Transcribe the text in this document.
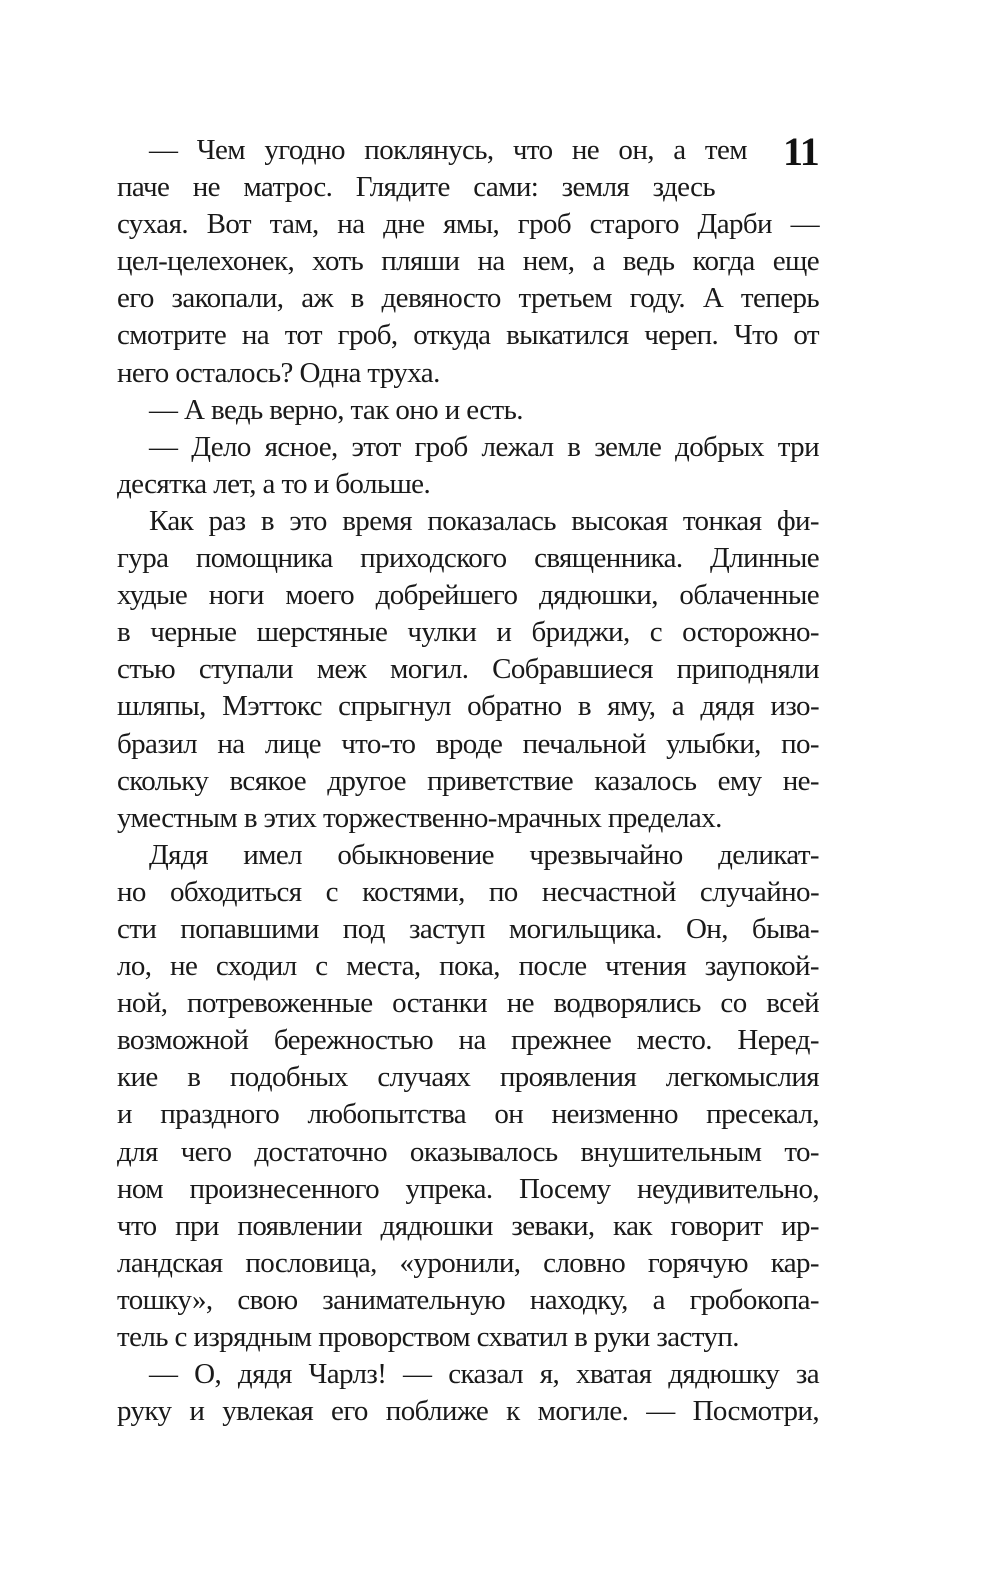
11
— Чем угодно поклянусь, что не он, а тем
паче не матрос. Глядите сами: земля здесь
сухая. Вот там, на дне ямы, гроб старого Дарби —
цел-целехонек, хоть пляши на нем, а ведь когда еще
его закопали, аж в девяносто третьем году. А теперь
смотрите на тот гроб, откуда выкатился череп. Что от
него осталось? Одна труха.
— А ведь верно, так оно и есть.
— Дело ясное, этот гроб лежал в земле добрых три
десятка лет, а то и больше.
Как раз в это время показалась высокая тонкая фи-
гура помощника приходского священника. Длинные
худые ноги моего добрейшего дядюшки, облаченные
в черные шерстяные чулки и бриджи, с осторожно-
стью ступали меж могил. Собравшиеся приподняли
шляпы, Мэттокс спрыгнул обратно в яму, а дядя изо-
бразил на лице что-то вроде печальной улыбки, по-
скольку всякое другое приветствие казалось ему не-
уместным в этих торжественно-мрачных пределах.
Дядя имел обыкновение чрезвычайно деликат-
но обходиться с костями, по несчастной случайно-
сти попавшими под заступ могильщика. Он, быва-
ло, не сходил с места, пока, после чтения заупокой-
ной, потревоженные останки не водворялись со всей
возможной бережностью на прежнее место. Неред-
кие в подобных случаях проявления легкомыслия
и праздного любопытства он неизменно пресекал,
для чего достаточно оказывалось внушительным то-
ном произнесенного упрека. Посему неудивительно,
что при появлении дядюшки зеваки, как говорит ир-
ландская пословица, «уронили, словно горячую кар-
тошку», свою занимательную находку, а гробокопа-
тель с изрядным проворством схватил в руки заступ.
— О, дядя Чарлз! — сказал я, хватая дядюшку за
руку и увлекая его поближе к могиле. — Посмотри,
